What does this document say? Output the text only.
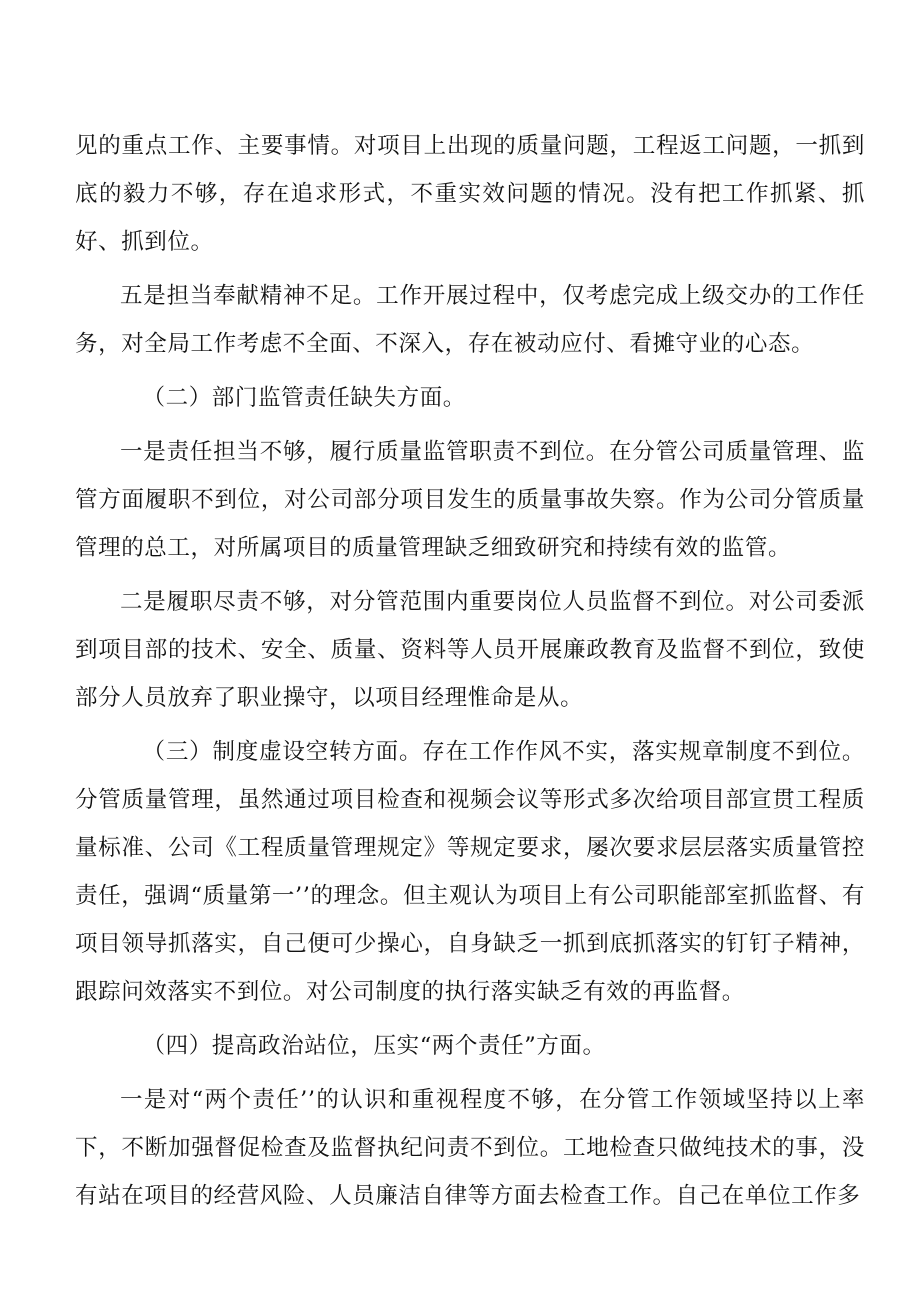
见的重点工作、主要事情。对项目上出现的质量问题，工程返工问题，一抓到底的毅力不够，存在追求形式，不重实效问题的情况。没有把工作抓紧、抓好、抓到位。

五是担当奉献精神不足。工作开展过程中，仅考虑完成上级交办的工作任务，对全局工作考虑不全面、不深入，存在被动应付、看摊守业的心态。

（二）部门监管责任缺失方面。

一是责任担当不够，履行质量监管职责不到位。在分管公司质量管理、监管方面履职不到位，对公司部分项目发生的质量事故失察。作为公司分管质量管理的总工，对所属项目的质量管理缺乏细致研究和持续有效的监管。

二是履职尽责不够，对分管范围内重要岗位人员监督不到位。对公司委派到项目部的技术、安全、质量、资料等人员开展廉政教育及监督不到位，致使部分人员放弃了职业操守，以项目经理惟命是从。

（三）制度虚设空转方面。存在工作作风不实，落实规章制度不到位。分管质量管理，虽然通过项目检查和视频会议等形式多次给项目部宣贯工程质量标准、公司《工程质量管理规定》等规定要求，屡次要求层层落实质量管控责任，强调“质量第一’’的理念。但主观认为项目上有公司职能部室抓监督、有项目领导抓落实，自己便可少操心，自身缺乏一抓到底抓落实的钉钉子精神，跟踪问效落实不到位。对公司制度的执行落实缺乏有效的再监督。

（四）提高政治站位，压实“两个责任”方面。

一是对“两个责任’’的认识和重视程度不够，在分管工作领域坚持以上率下，不断加强督促检查及监督执纪问责不到位。工地检查只做纯技术的事，没有站在项目的经营风险、人员廉洁自律等方面去检查工作。自己在单位工作多
